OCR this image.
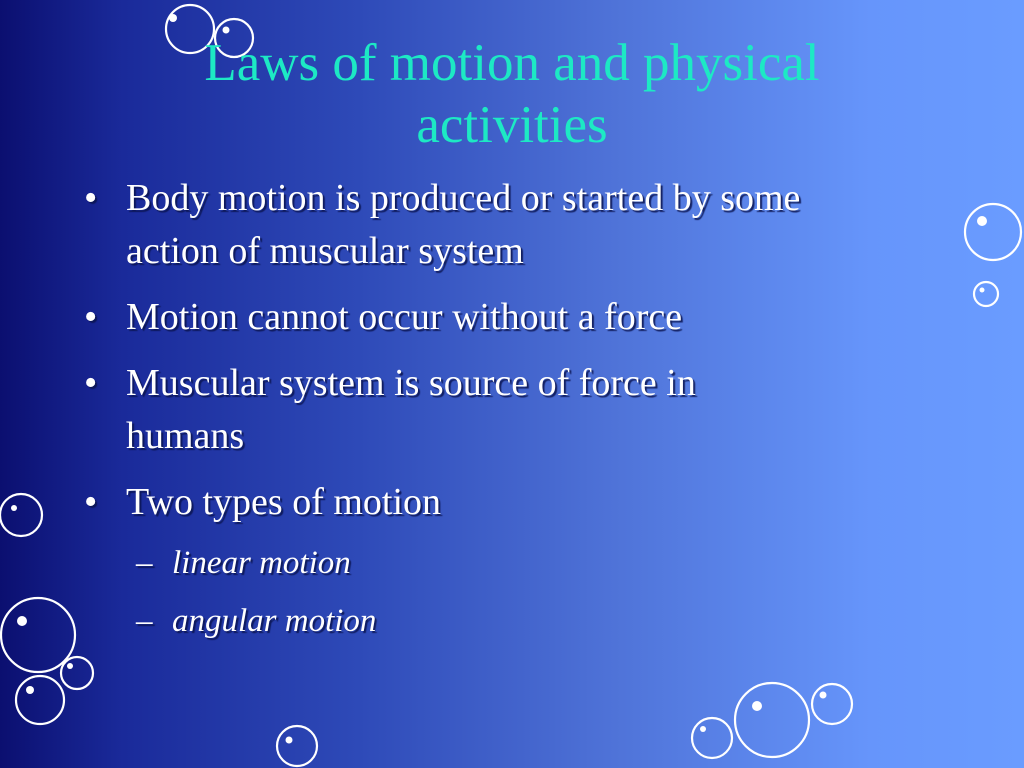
Laws of motion and physical
activities
• Body motion is produced or started by some
action of muscular system
• Motion cannot occur without a force
• Muscular system is source of force in
humans
• Two types of motion
– linear motion
– angular motion
